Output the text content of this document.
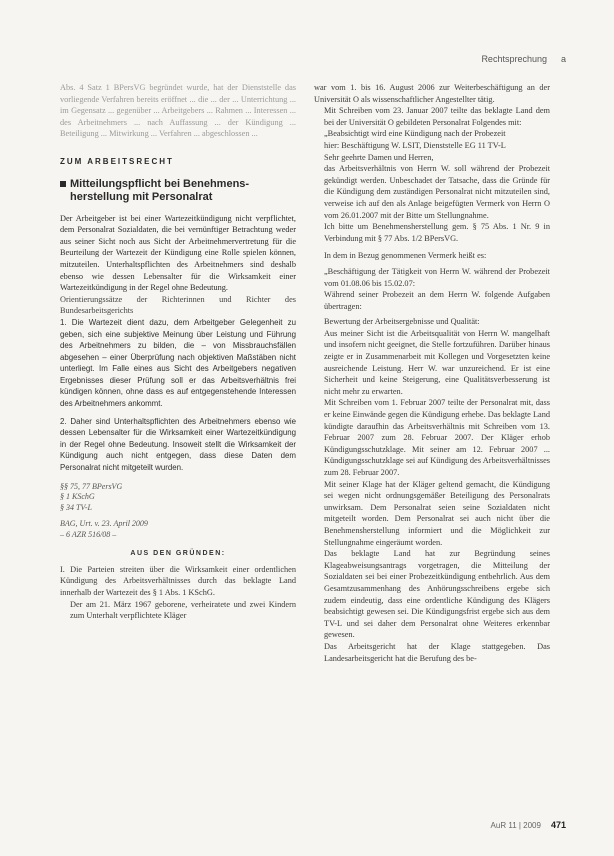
Rechtsprechung a

Abs. 4 Satz 1 BPersVG begründet wurde, hat der Dienststelle das vorliegende Verfahren bereits eröffnet ... die ... der ... Unterrichtung ... im Gegensatz ... gegenüber ... Arbeitgebers ... Rahmen ... Interessen ... des Arbeitnehmers ... nach Auffassung ... der Kündigung ... Beteiligung ... Mitwirkung ... Verfahren ... abgeschlossen ...

ZUM ARBEITSRECHT
Mitteilungspflicht bei Benehmens-
herstellung mit Personalrat

Der Arbeitgeber ist bei einer Wartezeitkündigung nicht verpflichtet, dem Personalrat Sozialdaten, die bei vernünftiger Betrachtung weder aus seiner Sicht noch aus Sicht der Arbeitnehmervertretung für die Beurteilung der Wartezeit der Kündigung eine Rolle spielen können, mitzuteilen. Unterhaltspflichten des Arbeitnehmers sind deshalb ebenso wie dessen Lebensalter für die Wirksamkeit einer Wartezeitkündigung in der Regel ohne Bedeutung.

Orientierungssätze der Richterinnen und Richter des Bundesarbeitsgerichts

1. Die Wartezeit dient dazu, dem Arbeitgeber Gelegenheit zu geben, sich eine subjektive Meinung über Leistung und Führung des Arbeitnehmers zu bilden, die – von Missbrauchsfällen abgesehen – einer Überprüfung nach objektiven Maßstäben nicht unterliegt. Im Falle eines aus Sicht des Arbeitgebers negativen Ergebnisses dieser Prüfung soll er das Arbeitsverhältnis frei kündigen können, ohne dass es auf entgegenstehende Interessen des Arbeitnehmers ankommt.

2. Daher sind Unterhaltspflichten des Arbeitnehmers ebenso wie dessen Lebensalter für die Wirksamkeit einer Wartezeitkündigung in der Regel ohne Bedeutung. Insoweit stellt die Wirksamkeit der Kündigung auch nicht entgegen, dass diese Daten dem Personalrat nicht mitgeteilt wurden.

§§ 75, 77 BPersVG
§ 1 KSchG
§ 34 TV-L
BAG, Urt. v. 23. April 2009
– 6 AZR 516/08 –
AUS DEN GRÜNDEN:

I. Die Parteien streiten über die Wirksamkeit einer ordentlichen Kündigung des Arbeitsverhältnisses durch das beklagte Land innerhalb der Wartezeit des § 1 Abs. 1 KSchG.

Der am 21. März 1967 geborene, verheiratete und zwei Kindern zum Unterhalt verpflichtete Kläger

war vom 1. bis 16. August 2006 zur Weiterbeschäftigung an der Universität O als wissenschaftlicher Angestellter tätig.

Mit Schreiben vom 23. Januar 2007 teilte das beklagte Land dem bei der Universität O gebildeten Personalrat Folgendes mit:

„Beabsichtigt wird eine Kündigung nach der Probezeit

hier: Beschäftigung W. LSIT, Dienststelle EG 11 TV-L

Sehr geehrte Damen und Herren,

das Arbeitsverhältnis von Herrn W. soll während der Probezeit gekündigt werden. Unbeschadet der Tatsache, dass die Gründe für die Kündigung dem zuständigen Personalrat nicht mitzuteilen sind, verweise ich auf den als Anlage beigefügten Vermerk von Herrn O vom 26.01.2007 mit der Bitte um Stellungnahme.

Ich bitte um Benehmensherstellung gem. § 75 Abs. 1 Nr. 9 in Verbindung mit § 77 Abs. 1/2 BPersVG.

In dem in Bezug genommenen Vermerk heißt es:

„Beschäftigung der Tätigkeit von Herrn W. während der Probezeit vom 01.08.06 bis 15.02.07:

Während seiner Probezeit an dem Herrn W. folgende Aufgaben übertragen:

Bewertung der Arbeitsergebnisse und Qualität:

Aus meiner Sicht ist die Arbeitsqualität von Herrn W. mangelhaft und insofern nicht geeignet, die Stelle fortzuführen. Darüber hinaus zeigte er in Zusammenarbeit mit Kollegen und Vorgesetzten keine ausreichende Leistung. Herr W. war unzureichend. Er ist eine Sicherheit und keine Steigerung, eine Qualitätsverbesserung ist nicht mehr zu erwarten.

Mit Schreiben vom 1. Februar 2007 teilte der Personalrat mit, dass er keine Einwände gegen die Kündigung erhebe. Das beklagte Land kündigte daraufhin das Arbeitsverhältnis mit Schreiben vom 13. Februar 2007 zum 28. Februar 2007. Der Kläger erhob Kündigungsschutzklage. Mit seiner am 12. Februar 2007 ... Kündigungsschutzklage sei auf Kündigung des Arbeitsverhältnisses zum 28. Februar 2007.

Mit seiner Klage hat der Kläger geltend gemacht, die Kündigung sei wegen nicht ordnungsgemäßer Beteiligung des Personalrats unwirksam. Dem Personalrat seien seine Sozialdaten nicht mitgeteilt worden. Dem Personalrat sei auch nicht über die Benehmensherstellung informiert und die Möglichkeit zur Stellungnahme eingeräumt worden.

Das beklagte Land hat zur Begründung seines Klageabweisungsantrags vorgetragen, die Mitteilung der Sozialdaten sei bei einer Probezeitkündigung entbehrlich. Aus dem Gesamtzusammenhang des Anhörungsschreibens ergebe sich zudem eindeutig, dass eine ordentliche Kündigung des Klägers beabsichtigt gewesen sei. Die Kündigungsfrist ergebe sich aus dem TV-L und sei daher dem Personalrat ohne Weiteres erkennbar gewesen.

Das Arbeitsgericht hat der Klage stattgegeben. Das Landesarbeitsgericht hat die Berufung des be-

AuR 11 | 2009 471
